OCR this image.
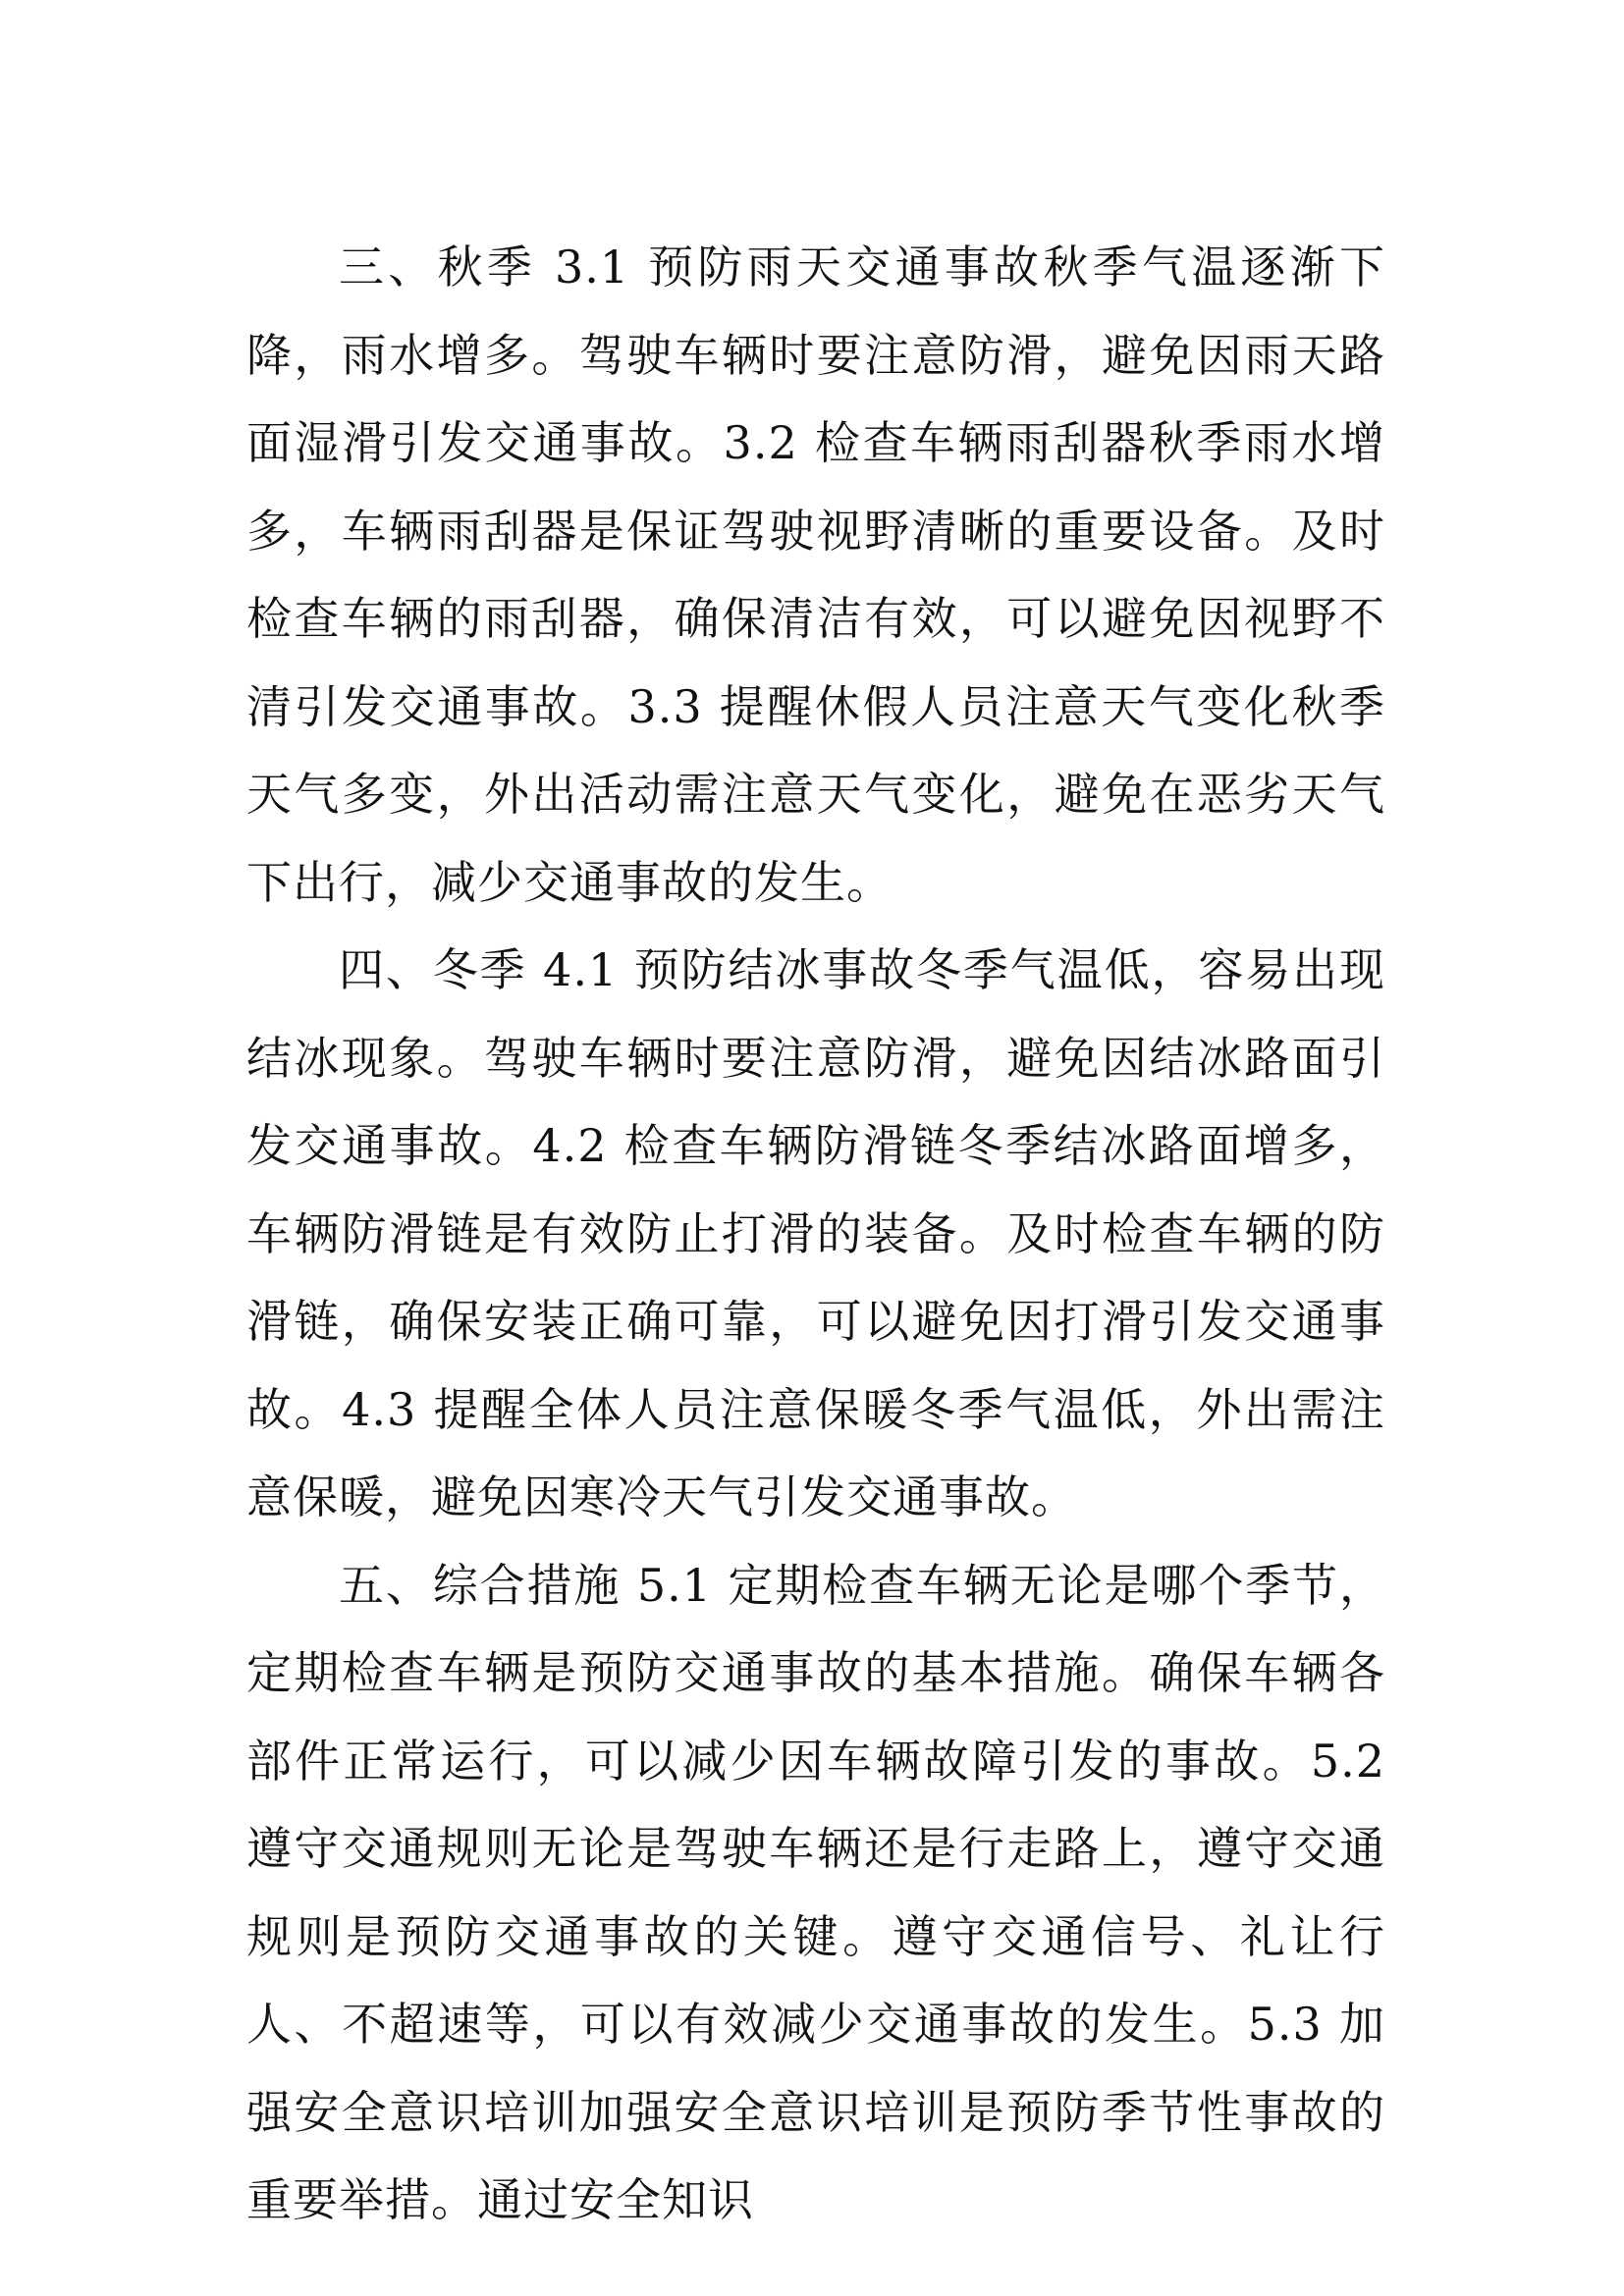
三、秋季 3.1 预防雨天交通事故秋季气温逐渐下降，雨水增多。驾驶车辆时要注意防滑，避免因雨天路面湿滑引发交通事故。3.2 检查车辆雨刮器秋季雨水增多，车辆雨刮器是保证驾驶视野清晰的重要设备。及时检查车辆的雨刮器，确保清洁有效，可以避免因视野不清引发交通事故。3.3 提醒休假人员注意天气变化秋季天气多变，外出活动需注意天气变化，避免在恶劣天气下出行，减少交通事故的发生。

四、冬季 4.1 预防结冰事故冬季气温低，容易出现结冰现象。驾驶车辆时要注意防滑，避免因结冰路面引发交通事故。4.2 检查车辆防滑链冬季结冰路面增多，车辆防滑链是有效防止打滑的装备。及时检查车辆的防滑链，确保安装正确可靠，可以避免因打滑引发交通事故。4.3 提醒全体人员注意保暖冬季气温低，外出需注意保暖，避免因寒冷天气引发交通事故。

五、综合措施 5.1 定期检查车辆无论是哪个季节，定期检查车辆是预防交通事故的基本措施。确保车辆各部件正常运行，可以减少因车辆故障引发的事故。5.2 遵守交通规则无论是驾驶车辆还是行走路上，遵守交通规则是预防交通事故的关键。遵守交通信号、礼让行人、不超速等，可以有效减少交通事故的发生。5.3 加强安全意识培训加强安全意识培训是预防季节性事故的重要举措。通过安全知识
